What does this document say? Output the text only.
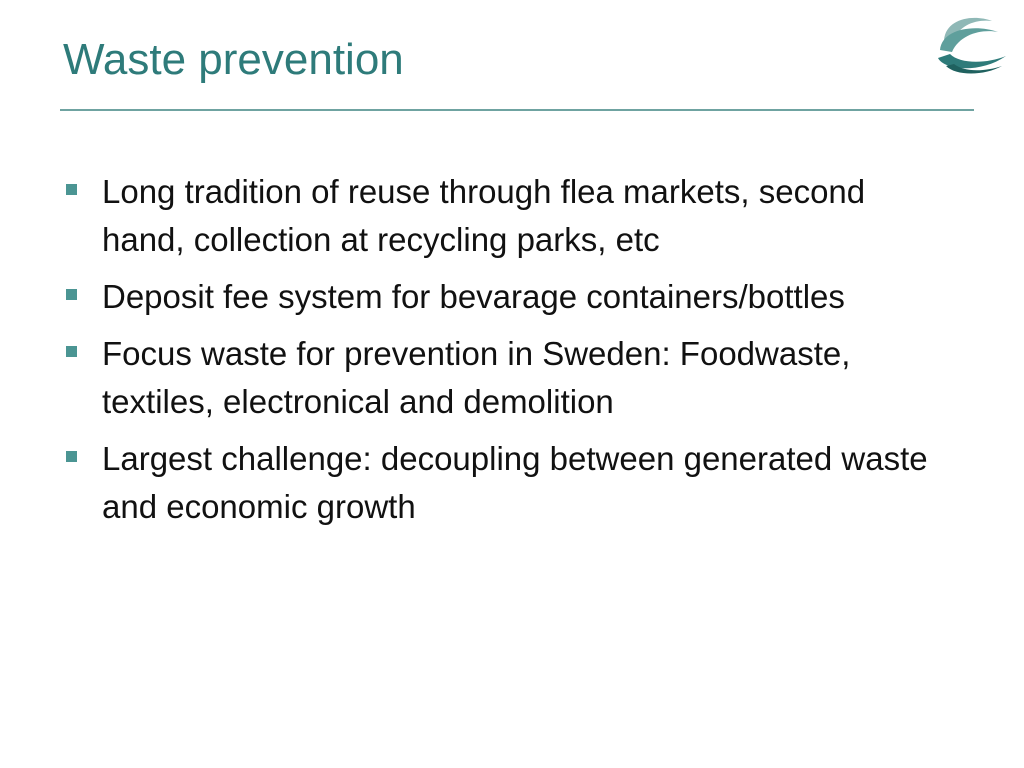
Waste prevention
Long tradition of reuse through flea markets, second hand, collection at recycling parks, etc
Deposit fee system for bevarage containers/bottles
Focus waste for prevention in Sweden: Foodwaste, textiles, electronical and demolition
Largest challenge: decoupling between generated waste and economic growth
